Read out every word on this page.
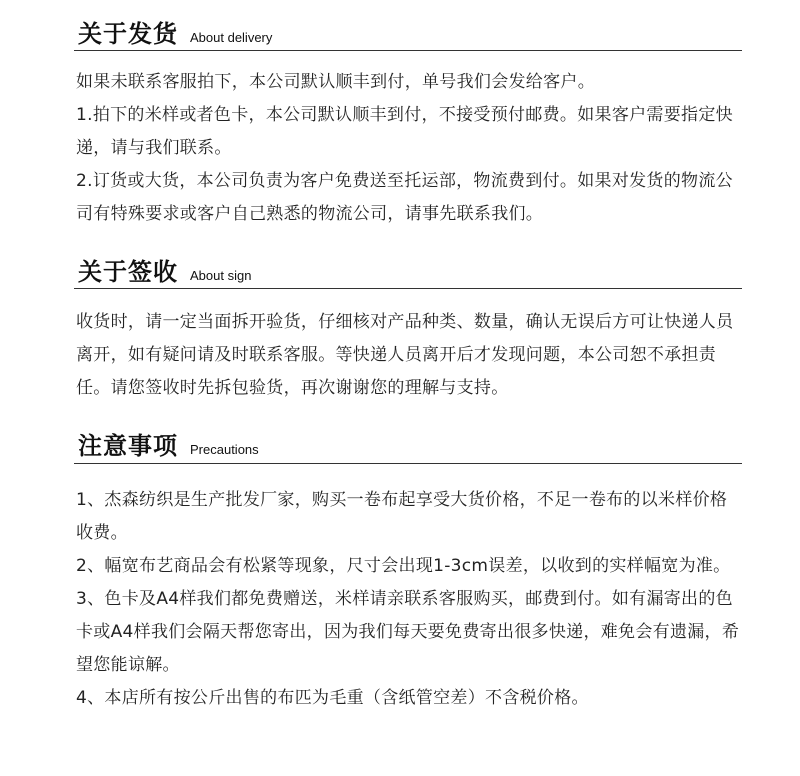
关于发货 About delivery

如果未联系客服拍下，本公司默认顺丰到付，单号我们会发给客户。

1.拍下的米样或者色卡，本公司默认顺丰到付，不接受预付邮费。如果客户需要指定快递，请与我们联系。

2.订货或大货，本公司负责为客户免费送至托运部，物流费到付。如果对发货的物流公司有特殊要求或客户自己熟悉的物流公司，请事先联系我们。

关于签收 About sign

收货时，请一定当面拆开验货，仔细核对产品种类、数量，确认无误后方可让快递人员离开，如有疑问请及时联系客服。等快递人员离开后才发现问题，本公司恕不承担责任。请您签收时先拆包验货，再次谢谢您的理解与支持。

注意事项 Precautions

1、杰森纺织是生产批发厂家，购买一卷布起享受大货价格，不足一卷布的以米样价格收费。

2、幅宽布艺商品会有松紧等现象，尺寸会出现1-3cm误差，以收到的实样幅宽为准。

3、色卡及A4样我们都免费赠送，米样请亲联系客服购买，邮费到付。如有漏寄出的色卡或A4样我们会隔天帮您寄出，因为我们每天要免费寄出很多快递，难免会有遗漏，希望您能谅解。

4、本店所有按公斤出售的布匹为毛重（含纸管空差）不含税价格。
